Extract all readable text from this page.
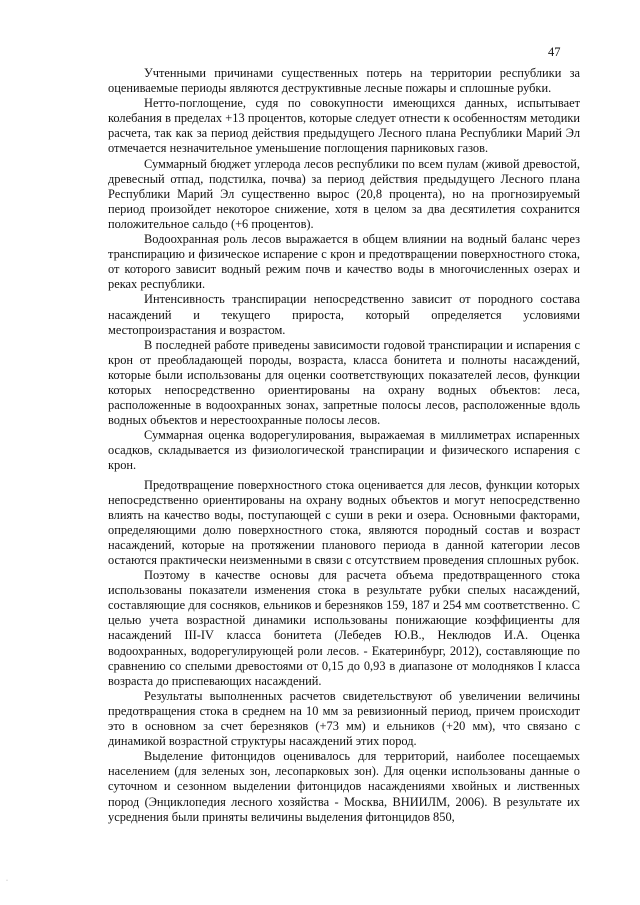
47

Учтенными причинами существенных потерь на территории республики за оцениваемые периоды являются деструктивные лесные пожары и сплошные рубки.

Нетто-поглощение, судя по совокупности имеющихся данных, испытывает колебания в пределах +13 процентов, которые следует отнести к особенностям методики расчета, так как за период действия предыдущего Лесного плана Республики Марий Эл отмечается незначительное уменьшение поглощения парниковых газов.

Суммарный бюджет углерода лесов республики по всем пулам (живой древостой, древесный отпад, подстилка, почва) за период действия предыдущего Лесного плана Республики Марий Эл существенно вырос (20,8 процента), но на прогнозируемый период произойдет некоторое снижение, хотя в целом за два десятилетия сохранится положительное сальдо (+6 процентов).

Водоохранная роль лесов выражается в общем влиянии на водный баланс через транспирацию и физическое испарение с крон и предотвращении поверхностного стока, от которого зависит водный режим почв и качество воды в многочисленных озерах и реках республики.

Интенсивность транспирации непосредственно зависит от породного состава насаждений и текущего прироста, который определяется условиями местопроизрастания и возрастом.

В последней работе приведены зависимости годовой транспирации и испарения с крон от преобладающей породы, возраста, класса бонитета и полноты насаждений, которые были использованы для оценки соответствующих показателей лесов, функции которых непосредственно ориентированы на охрану водных объектов: леса, расположенные в водоохранных зонах, запретные полосы лесов, расположенные вдоль водных объектов и нерестоохранные полосы лесов.

Суммарная оценка водорегулирования, выражаемая в миллиметрах испаренных осадков, складывается из физиологической транспирации и физического испарения с крон.

Предотвращение поверхностного стока оценивается для лесов, функции которых непосредственно ориентированы на охрану водных объектов и могут непосредственно влиять на качество воды, поступающей с суши в реки и озера. Основными факторами, определяющими долю поверхностного стока, являются породный состав и возраст насаждений, которые на протяжении планового периода в данной категории лесов остаются практически неизменными в связи с отсутствием проведения сплошных рубок.

Поэтому в качестве основы для расчета объема предотвращенного стока использованы показатели изменения стока в результате рубки спелых насаждений, составляющие для сосняков, ельников и березняков 159, 187 и 254 мм соответственно. С целью учета возрастной динамики использованы понижающие коэффициенты для насаждений III-IV класса бонитета (Лебедев Ю.В., Неклюдов И.А. Оценка водоохранных, водорегулирующей роли лесов. - Екатеринбург, 2012), составляющие по сравнению со спелыми древостоями от 0,15 до 0,93 в диапазоне от молодняков I класса возраста до приспевающих насаждений.

Результаты выполненных расчетов свидетельствуют об увеличении величины предотвращения стока в среднем на 10 мм за ревизионный период, причем происходит это в основном за счет березняков (+73 мм) и ельников (+20 мм), что связано с динамикой возрастной структуры насаждений этих пород.

Выделение фитонцидов оценивалось для территорий, наиболее посещаемых населением (для зеленых зон, лесопарковых зон). Для оценки использованы данные о суточном и сезонном выделении фитонцидов насаждениями хвойных и лиственных пород (Энциклопедия лесного хозяйства - Москва, ВНИИЛМ, 2006). В результате их усреднения были приняты величины выделения фитонцидов 850,

·
